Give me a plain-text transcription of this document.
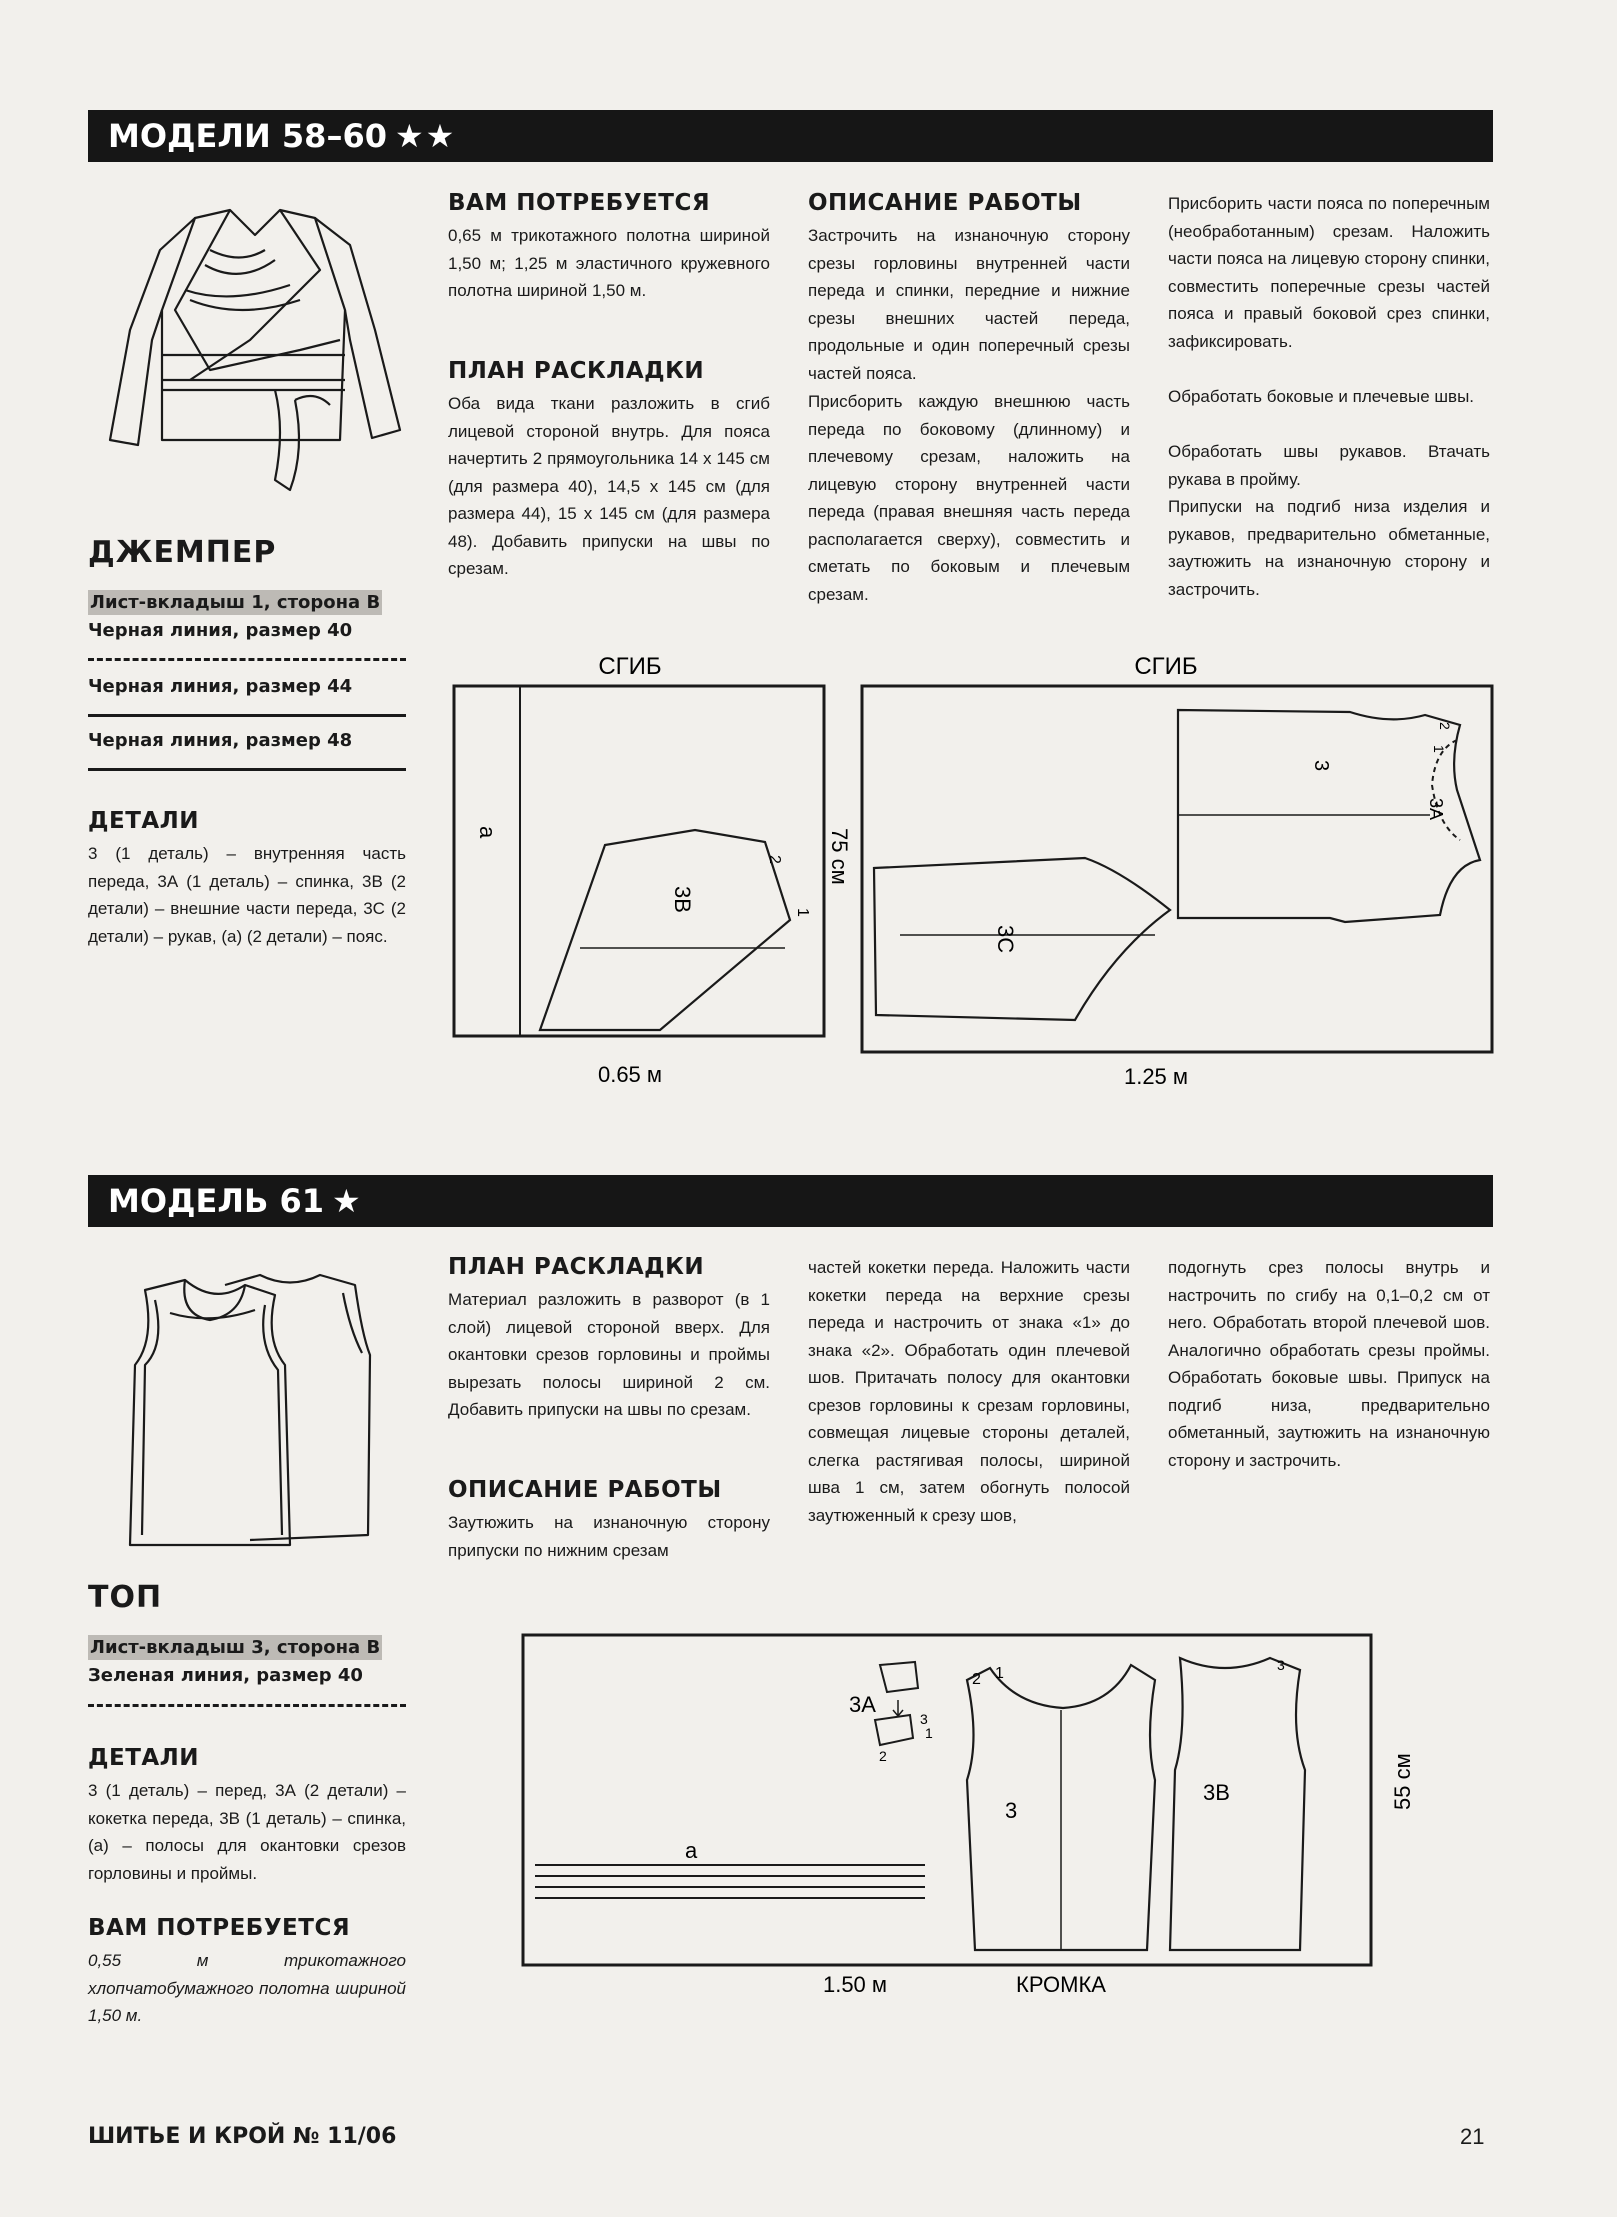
МОДЕЛИ 58–60 ★★
ДЖЕМПЕР
Лист-вкладыш 1, сторона В
Черная линия, размер 40
Черная линия, размер 44
Черная линия, размер 48
ДЕТАЛИ
3 (1 деталь) – внутренняя часть переда, 3А (1 деталь) – спинка, 3В (2 детали) – внешние части переда, 3С (2 детали) – рукав, (а) (2 детали) – пояс.
ВАМ ПОТРЕБУЕТСЯ
0,65 м трикотажного полотна шириной 1,50 м; 1,25 м эластичного кружевного полотна шириной 1,50 м.
ПЛАН РАСКЛАДКИ
Оба вида ткани разложить в сгиб лицевой стороной внутрь. Для пояса начертить 2 прямоугольника 14 x 145 см (для размера 40), 14,5 x 145 см (для размера 44), 15 x 145 см (для размера 48). Добавить припуски на швы по срезам.
ОПИСАНИЕ РАБОТЫ
Застрочить на изнаночную сторону срезы горловины внутренней части переда и спинки, передние и нижние срезы внешних частей переда, продольные и один поперечный срезы частей пояса.
Присборить каждую внешнюю часть переда по боковому (длинному) и плечевому срезам, наложить на лицевую сторону внутренней части переда (правая внешняя часть переда располагается сверху), совместить и сметать по боковым и плечевым срезам.
Присборить части пояса по поперечным (необработанным) срезам. Наложить части пояса на лицевую сторону спинки, совместить поперечные срезы частей пояса и правый боковой срез спинки, зафиксировать.
Обработать боковые и плечевые швы.
Обработать швы рукавов. Втачать рукава в пройму.
Припуски на подгиб низа изделия и рукавов, предварительно обметанные, заутюжить на изнаночную сторону и застрочить.
СГИБ
а
3В
2
1
75 см
0.65 м
СГИБ
3С
3
3А
2
1
1.25 м
МОДЕЛЬ 61 ★
ТОП
Лист-вкладыш 3, сторона В
Зеленая линия, размер 40
ДЕТАЛИ
3 (1 деталь) – перед, 3А (2 детали) – кокетка переда, 3В (1 деталь) – спинка, (а) – полосы для окантовки срезов горловины и проймы.
ВАМ ПОТРЕБУЕТСЯ
0,55 м трикотажного хлопчатобумажного полотна шириной 1,50 м.
ПЛАН РАСКЛАДКИ
Материал разложить в разворот (в 1 слой) лицевой стороной вверх. Для окантовки срезов горловины и проймы вырезать полосы шириной 2 см. Добавить припуски на швы по срезам.
ОПИСАНИЕ РАБОТЫ
Заутюжить на изнаночную сторону припуски по нижним срезам
частей кокетки переда. Наложить части кокетки переда на верхние срезы переда и настрочить от знака «1» до знака «2». Обработать один плечевой шов. Притачать полосу для окантовки срезов горловины к срезам горловины, совмещая лицевые стороны деталей, слегка растягивая полосы, шириной шва 1 см, затем обогнуть полосой заутюженный к срезу шов,
подогнуть срез полосы внутрь и настрочить по сгибу на 0,1–0,2 см от него. Обработать второй плечевой шов. Аналогично обработать срезы проймы. Обработать боковые швы. Припуск на подгиб низа, предварительно обметанный, заутюжить на изнаночную сторону и застрочить.
а
3А
3
1
2
3
2 1
3В
3
55 см
1.50 м	КРОМКА
ШИТЬЕ И КРОЙ № 11/06	21
